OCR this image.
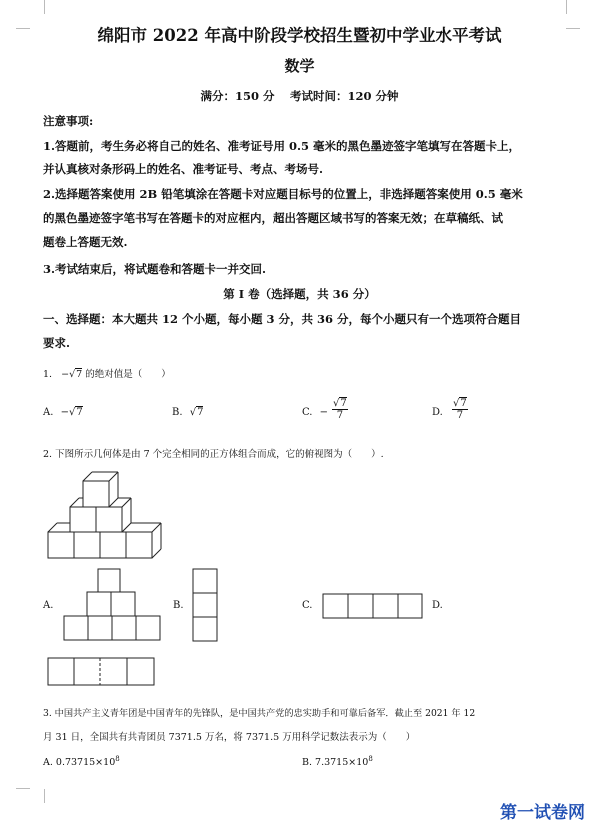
绵阳市 2022 年高中阶段学校招生暨初中学业水平考试
数学
满分：150 分　 考试时间：120 分钟
注意事项:
1.答题前，考生务必将自己的姓名、准考证号用 0.5 毫米的黑色墨迹签字笔填写在答题卡上，
并认真核对条形码上的姓名、准考证号、考点、考场号.
2.选择题答案使用 2B 铅笔填涂在答题卡对应题目标号的位置上，非选择题答案使用 0.5 毫米
的黑色墨迹签字笔书写在答题卡的对应框内，超出答题区域书写的答案无效；在草稿纸、试
题卷上答题无效.
3.考试结束后，将试题卷和答题卡一并交回.
第 I 卷（选择题，共 36 分）
一、选择题：本大题共 12 个小题，每小题 3 分，共 36 分，每个小题只有一个选项符合题目
要求.
1. −√7 的绝对值是（　　）
A. −√7	B. √7	C. − $\frac{√7}{7}$	D. $\frac{√7}{7}$
2. 下图所示几何体是由 7 个完全相同的正方体组合而成，它的俯视图为（　　）.
A.	B.	C.	D.
3. 中国共产主义青年团是中国青年的先锋队，是中国共产党的忠实助手和可靠后备军．截止至 2021 年 12
月 31 日，全国共有共青团员 7371.5 万名，将 7371.5 万用科学记数法表示为（　　）
A. $0.73715\times 10^8$	B. $7.3715\times 10^8$
第一试卷网
